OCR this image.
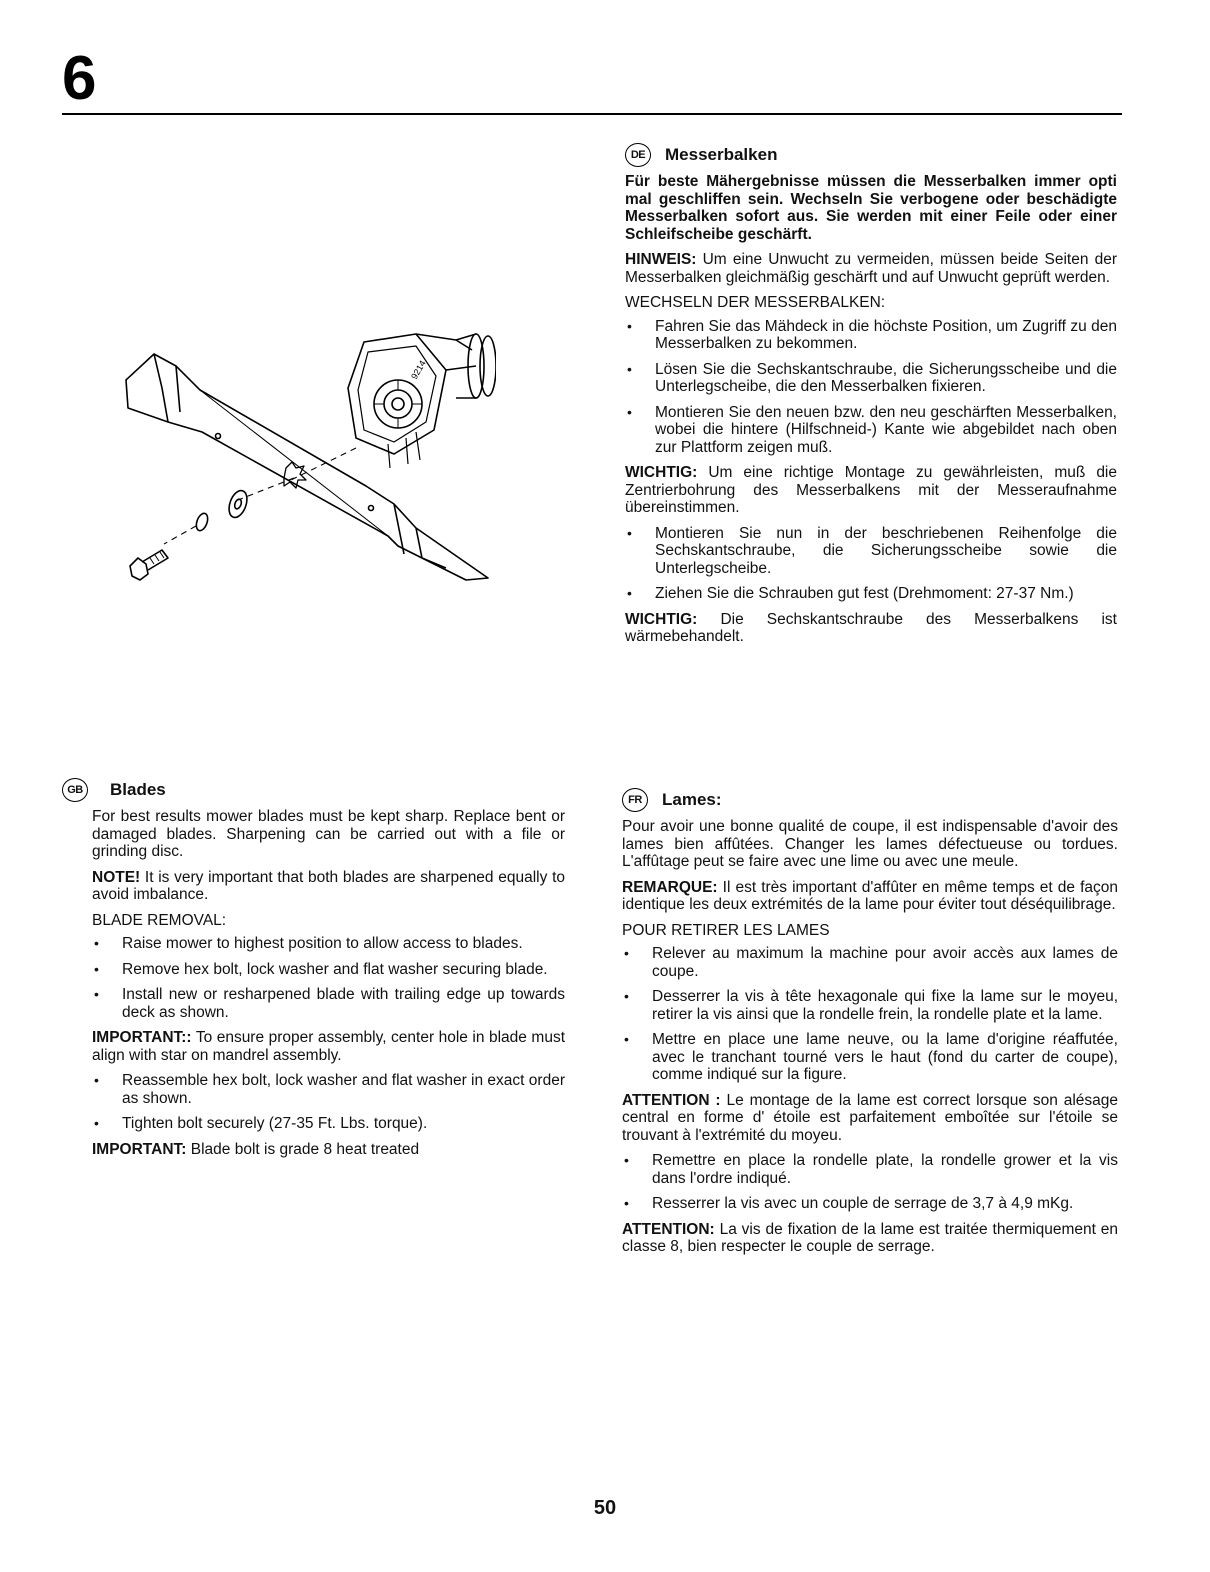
6
9214
DE	Messerbalken

Für beste Mähergebnisse müssen die Messerbalken immer opti mal geschliffen sein. Wechseln Sie verbogene oder beschädigte Messerbalken sofort aus. Sie werden mit einer Feile oder einer Schleifscheibe geschärft.

HINWEIS: Um eine Unwucht zu vermeiden, müssen beide Seiten der Messerbalken gleichmäßig geschärft und auf Unwucht geprüft werden.

WECHSELN DER MESSERBALKEN:

• Fahren Sie das Mähdeck in die höchste Position, um Zugriff zu den Messerbalken zu bekommen.
• Lösen Sie die Sechskantschraube, die Sicherungsscheibe und die Unterlegscheibe, die den Messerbalken fixieren.
• Montieren Sie den neuen bzw. den neu geschärften Messerbalken, wobei die hintere (Hilfschneid-) Kante wie abgebildet nach oben zur Plattform zeigen muß.

WICHTIG: Um eine richtige Montage zu gewährleisten, muß die Zentrierbohrung des Messerbalkens mit der Messeraufnahme übereinstimmen.

• Montieren Sie nun in der beschriebenen Reihenfolge die Sechskantschraube, die Sicherungsscheibe sowie die Unterlegscheibe.
• Ziehen Sie die Schrauben gut fest (Drehmoment: 27-37 Nm.)

WICHTIG: Die Sechskantschraube des Messerbalkens ist wärmebehandelt.

GB	Blades

For best results mower blades must be kept sharp. Replace bent or damaged blades. Sharpening can be carried out with a file or grinding disc.

NOTE! It is very important that both blades are sharpened equally to avoid imbalance.

BLADE REMOVAL:

• Raise mower to highest position to allow access to blades.
• Remove hex bolt, lock washer and flat washer securing blade.
• Install new or resharpened blade with trailing edge up towards deck as shown.

IMPORTANT:: To ensure proper assembly, center hole in blade must align with star on mandrel assembly.

• Reassemble hex bolt, lock washer and flat washer in exact order as shown.
• Tighten bolt securely (27-35 Ft. Lbs. torque).

IMPORTANT: Blade bolt is grade 8 heat treated

FR	Lames:

Pour avoir une bonne qualité de coupe, il est indispensable d'avoir des lames bien affûtées. Changer les lames défectueuse ou tordues. L'affûtage peut se faire avec une lime ou avec une meule.

REMARQUE: Il est très important d'affûter en même temps et de façon identique les deux extrémités de la lame pour éviter tout déséquilibrage.

POUR RETIRER LES LAMES

• Relever au maximum la machine pour avoir accès aux lames de coupe.
• Desserrer la vis à tête hexagonale qui fixe la lame sur le moyeu, retirer la vis ainsi que la rondelle frein, la rondelle plate et la lame.
• Mettre en place une lame neuve, ou la lame d'origine réaffutée, avec le tranchant tourné vers le haut (fond du carter de coupe), comme indiqué sur la figure.

ATTENTION : Le montage de la lame est correct lorsque son alésage central en forme d' étoile est parfaitement emboîtée sur l'étoile se trouvant à l'extrémité du moyeu.

• Remettre en place la rondelle plate, la rondelle grower et la vis dans l'ordre indiqué.
• Resserrer la vis avec un couple de serrage de 3,7 à 4,9 mKg.

ATTENTION: La vis de fixation de la lame est traitée thermiquement en classe 8, bien respecter le couple de serrage.

50
